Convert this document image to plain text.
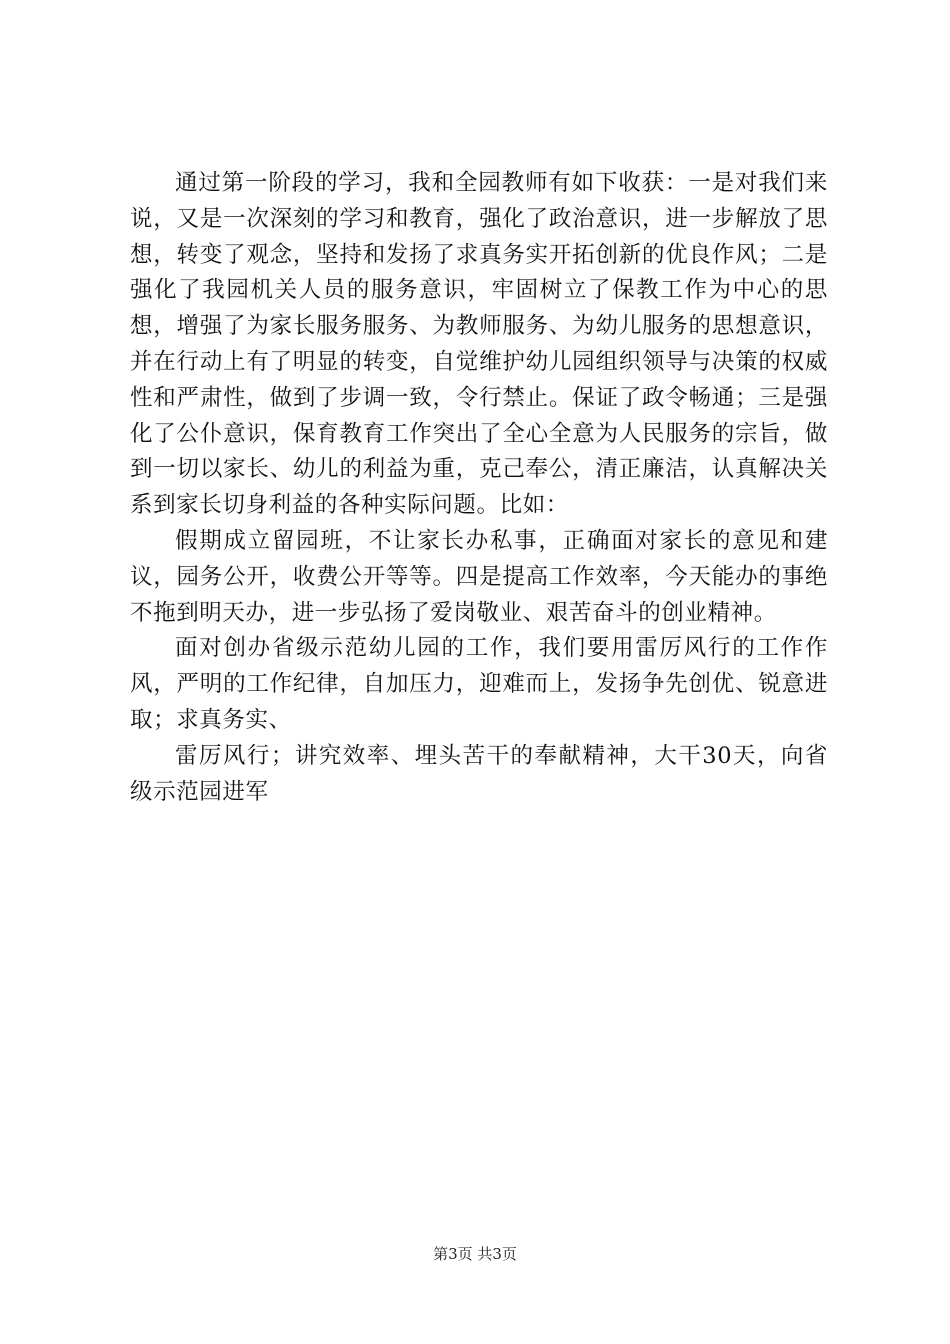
通过第一阶段的学习，我和全园教师有如下收获：一是对我们来说，又是一次深刻的学习和教育，强化了政治意识，进一步解放了思想，转变了观念，坚持和发扬了求真务实开拓创新的优良作风；二是强化了我园机关人员的服务意识，牢固树立了保教工作为中心的思想，增强了为家长服务服务、为教师服务、为幼儿服务的思想意识，并在行动上有了明显的转变，自觉维护幼儿园组织领导与决策的权威性和严肃性，做到了步调一致，令行禁止。保证了政令畅通；三是强化了公仆意识，保育教育工作突出了全心全意为人民服务的宗旨，做到一切以家长、幼儿的利益为重，克己奉公，清正廉洁，认真解决关系到家长切身利益的各种实际问题。比如：

假期成立留园班，不让家长办私事，正确面对家长的意见和建议，园务公开，收费公开等等。四是提高工作效率，今天能办的事绝不拖到明天办，进一步弘扬了爱岗敬业、艰苦奋斗的创业精神。

面对创办省级示范幼儿园的工作，我们要用雷厉风行的工作作风，严明的工作纪律，自加压力，迎难而上，发扬争先创优、锐意进取；求真务实、

雷厉风行；讲究效率、埋头苦干的奉献精神，大干30天，向省级示范园进军

第3页 共3页
